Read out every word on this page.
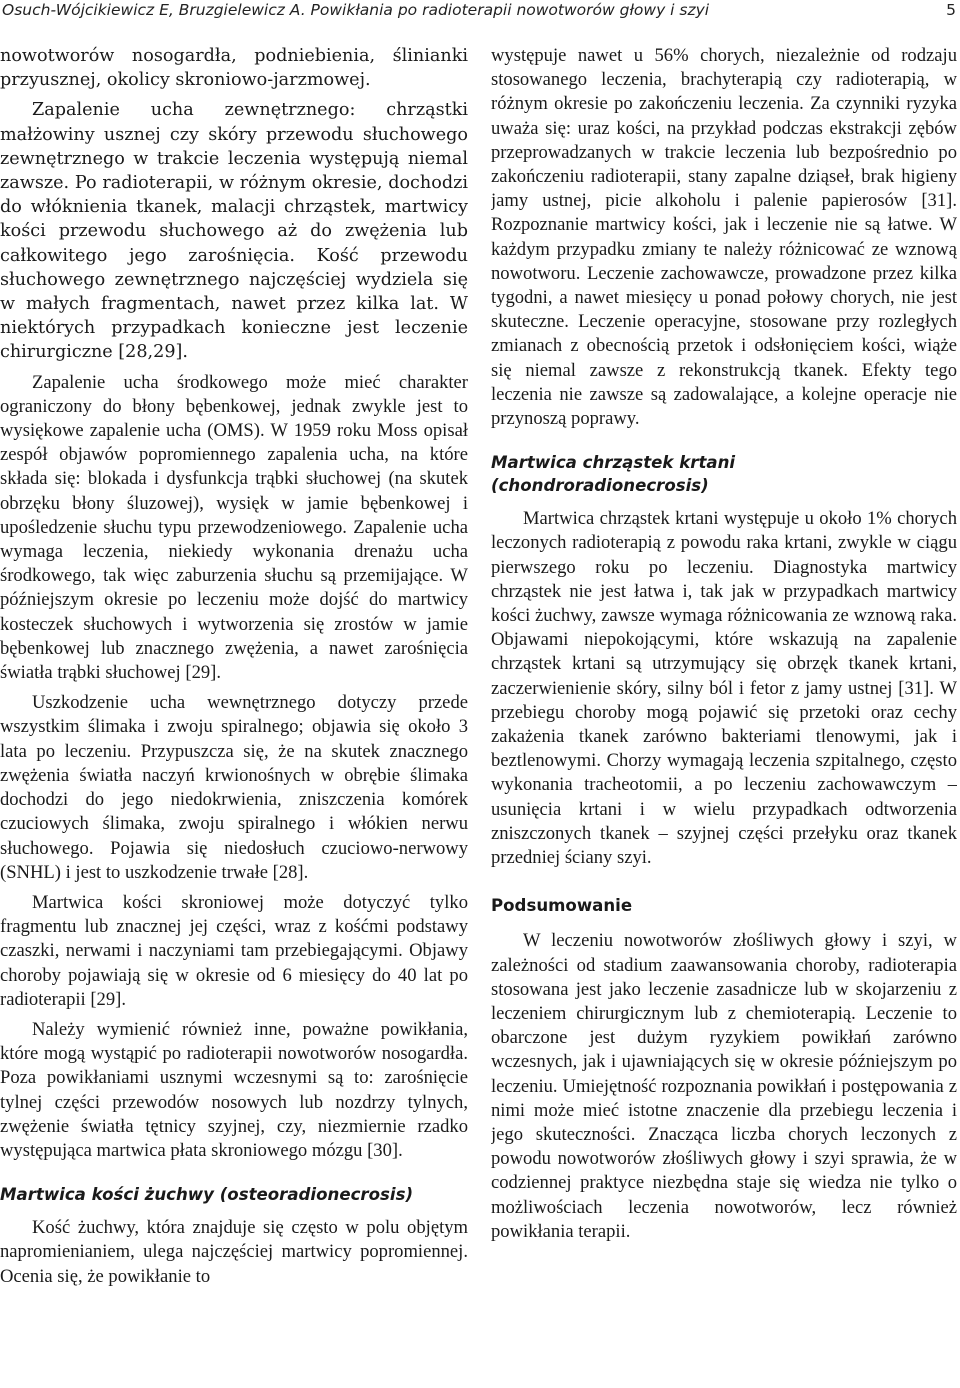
Osuch-Wójcikiewicz E, Bruzgielewicz A. Powikłania po radioterapii nowotworów głowy i szyi	5

nowotworów nosogardła, podniebienia, ślinianki przyusznej, okolicy skroniowo-jarzmowej.

Zapalenie ucha zewnętrznego: chrząstki małżowiny usznej czy skóry przewodu słuchowego zewnętrznego w trakcie leczenia występują niemal zawsze. Po radioterapii, w różnym okresie, dochodzi do włóknienia tkanek, malacji chrząstek, martwicy kości przewodu słuchowego aż do zwężenia lub całkowitego jego zarośnięcia. Kość przewodu słuchowego zewnętrznego najczęściej wydziela się w małych fragmentach, nawet przez kilka lat. W niektórych przypadkach konieczne jest leczenie chirurgiczne [28,29].

Zapalenie ucha środkowego może mieć charakter ograniczony do błony bębenkowej, jednak zwykle jest to wysiękowe zapalenie ucha (OMS). W 1959 roku Moss opisał zespół objawów popromiennego zapalenia ucha, na które składa się: blokada i dysfunkcja trąbki słuchowej (na skutek obrzęku błony śluzowej), wysięk w jamie bębenkowej i upośledzenie słuchu typu przewodzeniowego. Zapalenie ucha wymaga leczenia, niekiedy wykonania drenażu ucha środkowego, tak więc zaburzenia słuchu są przemijające. W późniejszym okresie po leczeniu może dojść do martwicy kosteczek słuchowych i wytworzenia się zrostów w jamie bębenkowej lub znacznego zwężenia, a nawet zarośnięcia światła trąbki słuchowej [29].

Uszkodzenie ucha wewnętrznego dotyczy przede wszystkim ślimaka i zwoju spiralnego; objawia się około 3 lata po leczeniu. Przypuszcza się, że na skutek znacznego zwężenia światła naczyń krwionośnych w obrębie ślimaka dochodzi do jego niedokrwienia, zniszczenia komórek czuciowych ślimaka, zwoju spiralnego i włókien nerwu słuchowego. Pojawia się niedosłuch czuciowo-nerwowy (SNHL) i jest to uszkodzenie trwałe [28].

Martwica kości skroniowej może dotyczyć tylko fragmentu lub znacznej jej części, wraz z kośćmi podstawy czaszki, nerwami i naczyniami tam przebiegającymi. Objawy choroby pojawiają się w okresie od 6 miesięcy do 40 lat po radioterapii [29].

Należy wymienić również inne, poważne powikłania, które mogą wystąpić po radioterapii nowotworów nosogardła. Poza powikłaniami usznymi wczesnymi są to: zarośnięcie tylnej części przewodów nosowych lub nozdrzy tylnych, zwężenie światła tętnicy szyjnej, czy, niezmiernie rzadko występująca martwica płata skroniowego mózgu [30].

Martwica kości żuchwy (osteoradionecrosis)

Kość żuchwy, która znajduje się często w polu objętym napromienianiem, ulega najczęściej martwicy popromiennej. Ocenia się, że powikłanie to

występuje nawet u 56% chorych, niezależnie od rodzaju stosowanego leczenia, brachyterapią czy radioterapią, w różnym okresie po zakończeniu leczenia. Za czynniki ryzyka uważa się: uraz kości, na przykład podczas ekstrakcji zębów przeprowadzanych w trakcie leczenia lub bezpośrednio po zakończeniu radioterapii, stany zapalne dziąseł, brak higieny jamy ustnej, picie alkoholu i palenie papierosów [31]. Rozpoznanie martwicy kości, jak i leczenie nie są łatwe. W każdym przypadku zmiany te należy różnicować ze wznową nowotworu. Leczenie zachowawcze, prowadzone przez kilka tygodni, a nawet miesięcy u ponad połowy chorych, nie jest skuteczne. Leczenie operacyjne, stosowane przy rozległych zmianach z obecnością przetok i odsłonięciem kości, wiąże się niemal zawsze z rekonstrukcją tkanek. Efekty tego leczenia nie zawsze są zadowalające, a kolejne operacje nie przynoszą poprawy.

Martwica chrząstek krtani (chondroradionecrosis)

Martwica chrząstek krtani występuje u około 1% chorych leczonych radioterapią z powodu raka krtani, zwykle w ciągu pierwszego roku po leczeniu. Diagnostyka martwicy chrząstek nie jest łatwa i, tak jak w przypadkach martwicy kości żuchwy, zawsze wymaga różnicowania ze wznową raka. Objawami niepokojącymi, które wskazują na zapalenie chrząstek krtani są utrzymujący się obrzęk tkanek krtani, zaczerwienienie skóry, silny ból i fetor z jamy ustnej [31]. W przebiegu choroby mogą pojawić się przetoki oraz cechy zakażenia tkanek zarówno bakteriami tlenowymi, jak i beztlenowymi. Chorzy wymagają leczenia szpitalnego, często wykonania tracheotomii, a po leczeniu zachowawczym – usunięcia krtani i w wielu przypadkach odtworzenia zniszczonych tkanek – szyjnej części przełyku oraz tkanek przedniej ściany szyi.

Podsumowanie

W leczeniu nowotworów złośliwych głowy i szyi, w zależności od stadium zaawansowania choroby, radioterapia stosowana jest jako leczenie zasadnicze lub w skojarzeniu z leczeniem chirurgicznym lub z chemioterapią. Leczenie to obarczone jest dużym ryzykiem powikłań zarówno wczesnych, jak i ujawniających się w okresie późniejszym po leczeniu. Umiejętność rozpoznania powikłań i postępowania z nimi może mieć istotne znaczenie dla przebiegu leczenia i jego skuteczności. Znacząca liczba chorych leczonych z powodu nowotworów złośliwych głowy i szyi sprawia, że w codziennej praktyce niezbędna staje się wiedza nie tylko o możliwościach leczenia nowotworów, lecz również powikłania terapii.
